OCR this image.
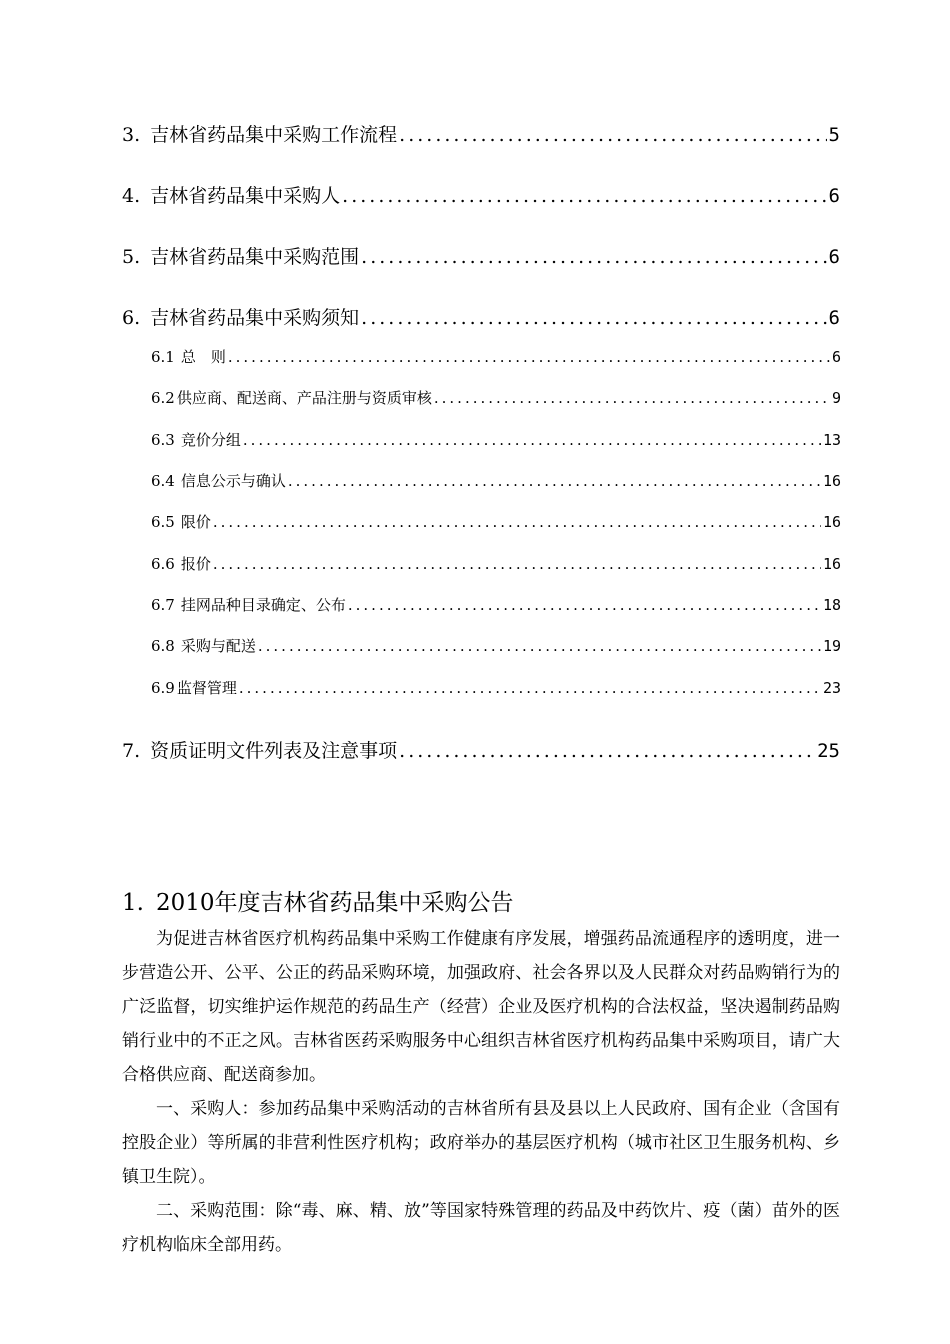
3. 吉林省药品集中采购工作流程 .....	5
4. 吉林省药品集中采购人 .....	6
5. 吉林省药品集中采购范围 .....	6
6. 吉林省药品集中采购须知 .....	6
6.1 总　则 .....	6
6.2 供应商、配送商、产品注册与资质审核 .....	9
6.3 竞价分组 .....	13
6.4 信息公示与确认 .....	16
6.5 限价 .....	16
6.6 报价 .....	16
6.7 挂网品种目录确定、公布 .....	18
6.8 采购与配送 .....	19
6.9 监督管理 .....	23
7. 资质证明文件列表及注意事项 .....	25
1. 2010年度吉林省药品集中采购公告

为促进吉林省医疗机构药品集中采购工作健康有序发展，增强药品流通程序的透明度，进一步营造公开、公平、公正的药品采购环境，加强政府、社会各界以及人民群众对药品购销行为的广泛监督，切实维护运作规范的药品生产（经营）企业及医疗机构的合法权益，坚决遏制药品购销行业中的不正之风。吉林省医药采购服务中心组织吉林省医疗机构药品集中采购项目，请广大合格供应商、配送商参加。

一、采购人：参加药品集中采购活动的吉林省所有县及县以上人民政府、国有企业（含国有控股企业）等所属的非营利性医疗机构；政府举办的基层医疗机构（城市社区卫生服务机构、乡镇卫生院）。

二、采购范围：除“毒、麻、精、放”等国家特殊管理的药品及中药饮片、疫（菌）苗外的医疗机构临床全部用药。
